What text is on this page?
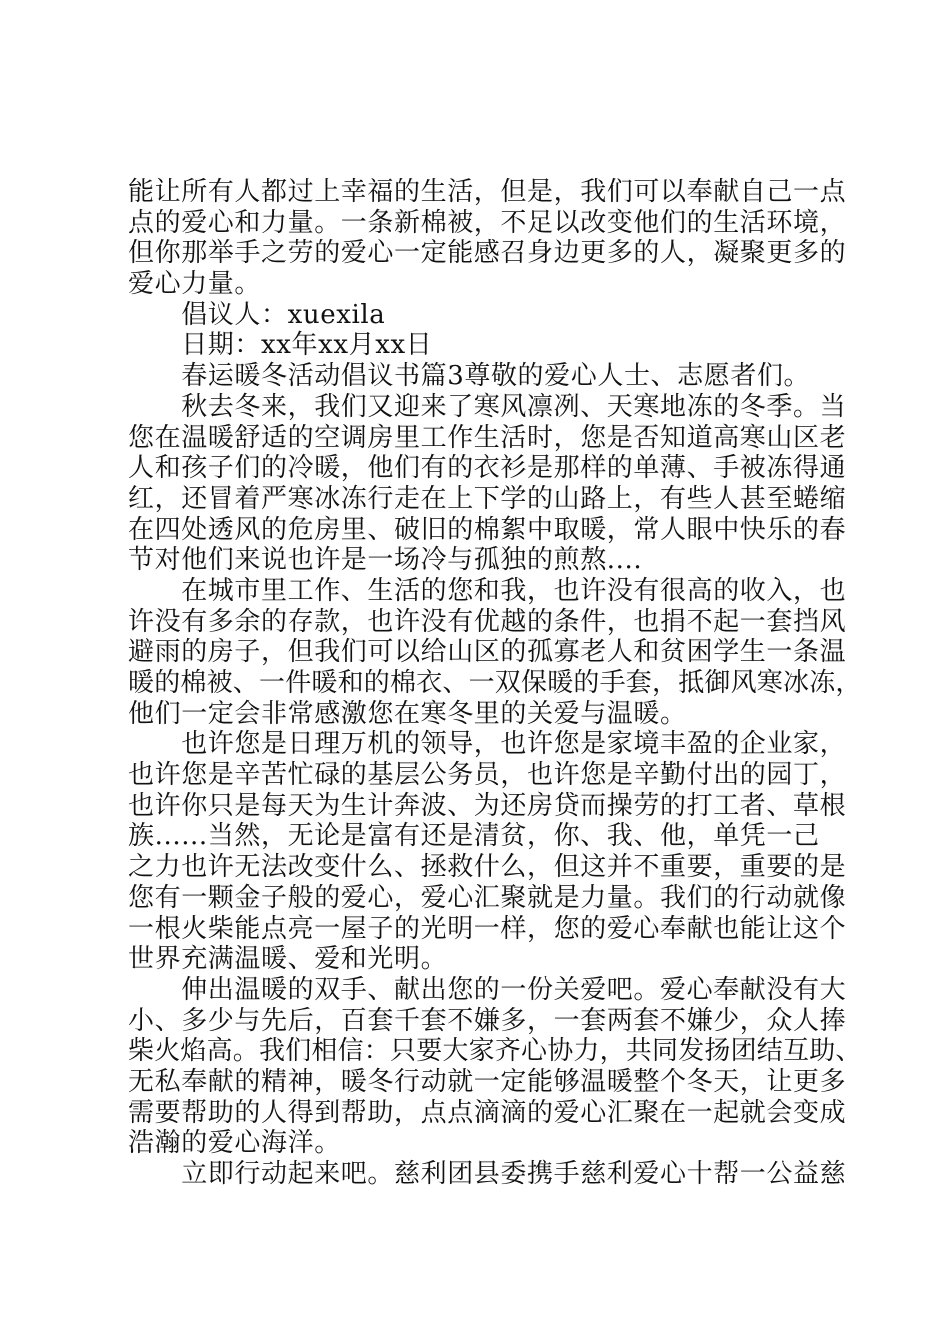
能让所有人都过上幸福的生活，但是，我们可以奉献自己一点
点的爱心和力量。一条新棉被，不足以改变他们的生活环境，
但你那举手之劳的爱心一定能感召身边更多的人，凝聚更多的
爱心力量。
　　倡议人：xuexila
　　日期：xx年xx月xx日
　　春运暖冬活动倡议书篇3尊敬的爱心人士、志愿者们。
　　秋去冬来，我们又迎来了寒风凛冽、天寒地冻的冬季。当
您在温暖舒适的空调房里工作生活时，您是否知道高寒山区老
人和孩子们的冷暖，他们有的衣衫是那样的单薄、手被冻得通
红，还冒着严寒冰冻行走在上下学的山路上，有些人甚至蜷缩
在四处透风的危房里、破旧的棉絮中取暖，常人眼中快乐的春
节对他们来说也许是一场冷与孤独的煎熬....
　　在城市里工作、生活的您和我，也许没有很高的收入，也
许没有多余的存款，也许没有优越的条件，也捐不起一套挡风
避雨的房子，但我们可以给山区的孤寡老人和贫困学生一条温
暖的棉被、一件暖和的棉衣、一双保暖的手套，抵御风寒冰冻，
他们一定会非常感激您在寒冬里的关爱与温暖。
　　也许您是日理万机的领导，也许您是家境丰盈的企业家，
也许您是辛苦忙碌的基层公务员，也许您是辛勤付出的园丁，
也许你只是每天为生计奔波、为还房贷而操劳的打工者、草根
族......当然，无论是富有还是清贫，你、我、他，单凭一己
之力也许无法改变什么、拯救什么，但这并不重要，重要的是
您有一颗金子般的爱心，爱心汇聚就是力量。我们的行动就像
一根火柴能点亮一屋子的光明一样，您的爱心奉献也能让这个
世界充满温暖、爱和光明。
　　伸出温暖的双手、献出您的一份关爱吧。爱心奉献没有大
小、多少与先后，百套千套不嫌多，一套两套不嫌少，众人捧
柴火焰高。我们相信：只要大家齐心协力，共同发扬团结互助、
无私奉献的精神，暖冬行动就一定能够温暖整个冬天，让更多
需要帮助的人得到帮助，点点滴滴的爱心汇聚在一起就会变成
浩瀚的爱心海洋。
　　立即行动起来吧。慈利团县委携手慈利爱心十帮一公益慈
